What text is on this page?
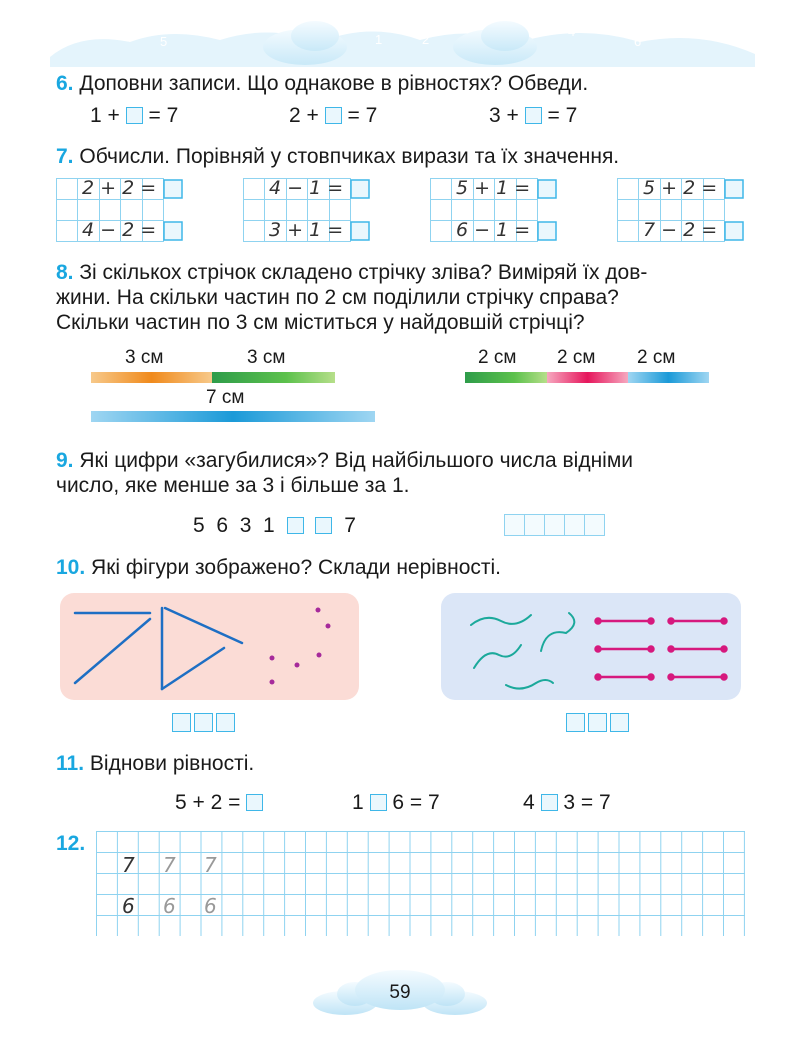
7
5
3
0
1	2
4
6
8
6. Доповни записи. Що однакове в рівностях? Обведи.
1 + = 7	2 + = 7	3 + = 7
7. Обчисли. Порівняй у стовпчиках вирази та їх значення.
2 + 2 =
4 − 2 =
4 − 1 =
3 + 1 =
5 + 1 =
6 − 1 =
5 + 2 =
7 − 2 =
8. Зі скількох стрічок складено стрічку зліва? Виміряй їх дов-
жини. На скільки частин по 2 см поділили стрічку справа?
Скільки частин по 3 см міститься у найдовшій стрічці?
3 см	3 см
7 см
2 см 2 см 2 см
9. Які цифри «загубилися»? Від найбільшого числа відніми
число, яке менше за 3 і більше за 1.
5  6  3  1	7
10. Які фігури зображено? Склади нерівності.
11. Віднови рівності.
5 + 2 =	1 6 = 7	4 3 = 7
12.
7 7 7
6 6 6
59
